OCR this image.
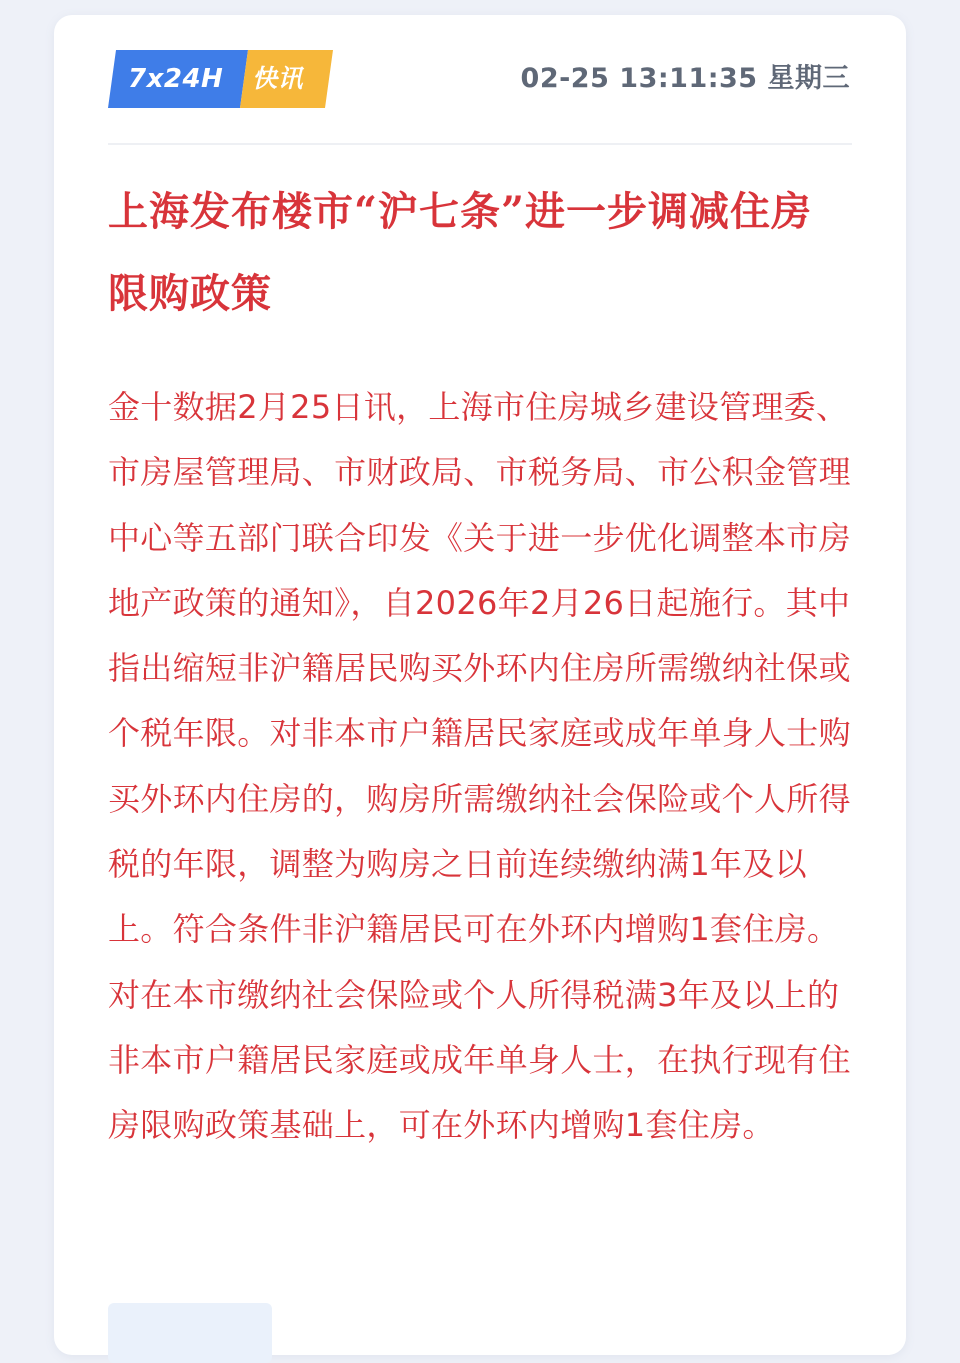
7x24H 快讯	02-25 13:11:35 星期三
上海发布楼市“沪七条”进一步调减住房限购政策

金十数据2月25日讯，上海市住房城乡建设管理委、市房屋管理局、市财政局、市税务局、市公积金管理中心等五部门联合印发《关于进一步优化调整本市房地产政策的通知》，自2026年2月26日起施行。其中指出缩短非沪籍居民购买外环内住房所需缴纳社保或个税年限。对非本市户籍居民家庭或成年单身人士购买外环内住房的，购房所需缴纳社会保险或个人所得税的年限，调整为购房之日前连续缴纳满1年及以上。符合条件非沪籍居民可在外环内增购1套住房。对在本市缴纳社会保险或个人所得税满3年及以上的非本市户籍居民家庭或成年单身人士，在执行现有住房限购政策基础上，可在外环内增购1套住房。
